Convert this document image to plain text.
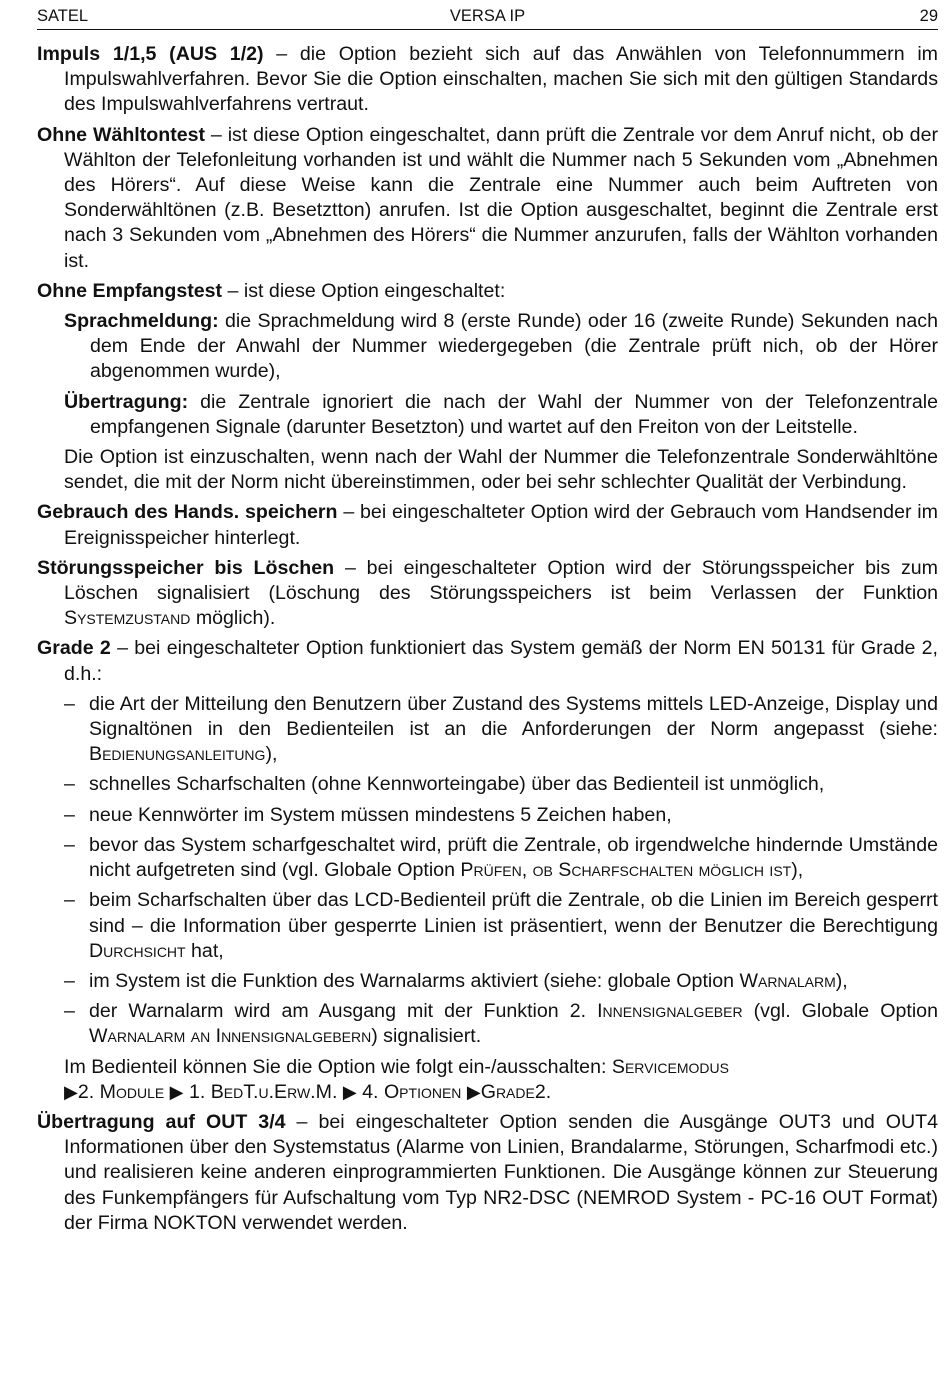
SATEL	VERSA IP	29

Impuls 1/1,5 (AUS 1/2) – die Option bezieht sich auf das Anwählen von Telefonnummern im Impulswahlverfahren. Bevor Sie die Option einschalten, machen Sie sich mit den gültigen Standards des Impulswahlverfahrens vertraut.

Ohne Wähltontest – ist diese Option eingeschaltet, dann prüft die Zentrale vor dem Anruf nicht, ob der Wählton der Telefonleitung vorhanden ist und wählt die Nummer nach 5 Sekunden vom „Abnehmen des Hörers“. Auf diese Weise kann die Zentrale eine Nummer auch beim Auftreten von Sonderwähltönen (z.B. Besetztton) anrufen. Ist die Option ausgeschaltet, beginnt die Zentrale erst nach 3 Sekunden vom „Abnehmen des Hörers“ die Nummer anzurufen, falls der Wählton vorhanden ist.

Ohne Empfangstest – ist diese Option eingeschaltet:

Sprachmeldung: die Sprachmeldung wird 8 (erste Runde) oder 16 (zweite Runde) Sekunden nach dem Ende der Anwahl der Nummer wiedergegeben (die Zentrale prüft nich, ob der Hörer abgenommen wurde),

Übertragung: die Zentrale ignoriert die nach der Wahl der Nummer von der Telefonzentrale empfangenen Signale (darunter Besetzton) und wartet auf den Freiton von der Leitstelle.

Die Option ist einzuschalten, wenn nach der Wahl der Nummer die Telefonzentrale Sonderwähltöne sendet, die mit der Norm nicht übereinstimmen, oder bei sehr schlechter Qualität der Verbindung.

Gebrauch des Hands. speichern – bei eingeschalteter Option wird der Gebrauch vom Handsender im Ereignisspeicher hinterlegt.

Störungsspeicher bis Löschen – bei eingeschalteter Option wird der Störungsspeicher bis zum Löschen signalisiert (Löschung des Störungsspeichers ist beim Verlassen der Funktion Systemzustand möglich).

Grade 2 – bei eingeschalteter Option funktioniert das System gemäß der Norm EN 50131 für Grade 2, d.h.:

– die Art der Mitteilung den Benutzern über Zustand des Systems mittels LED-Anzeige, Display und Signaltönen in den Bedienteilen ist an die Anforderungen der Norm angepasst (siehe: Bedienungsanleitung),
– schnelles Scharfschalten (ohne Kennworteingabe) über das Bedienteil ist unmöglich,
– neue Kennwörter im System müssen mindestens 5 Zeichen haben,
– bevor das System scharfgeschaltet wird, prüft die Zentrale, ob irgendwelche hindernde Umstände nicht aufgetreten sind (vgl. Globale Option Prüfen, ob Scharfschalten möglich ist),
– beim Scharfschalten über das LCD-Bedienteil prüft die Zentrale, ob die Linien im Bereich gesperrt sind – die Information über gesperrte Linien ist präsentiert, wenn der Benutzer die Berechtigung Durchsicht hat,
– im System ist die Funktion des Warnalarms aktiviert (siehe: globale Option Warnalarm),
– der Warnalarm wird am Ausgang mit der Funktion 2. Innensignalgeber (vgl. Globale Option Warnalarm an Innensignalgebern) signalisiert.

Im Bedienteil können Sie die Option wie folgt ein-/ausschalten: Servicemodus
▶2. Module ▶ 1. BedT.u.Erw.M. ▶ 4. Optionen ▶Grade2.

Übertragung auf OUT 3/4 – bei eingeschalteter Option senden die Ausgänge OUT3 und OUT4 Informationen über den Systemstatus (Alarme von Linien, Brandalarme, Störungen, Scharfmodi etc.) und realisieren keine anderen einprogrammierten Funktionen. Die Ausgänge können zur Steuerung des Funkempfängers für Aufschaltung vom Typ NR2-DSC (NEMROD System - PC-16 OUT Format) der Firma NOKTON verwendet werden.
